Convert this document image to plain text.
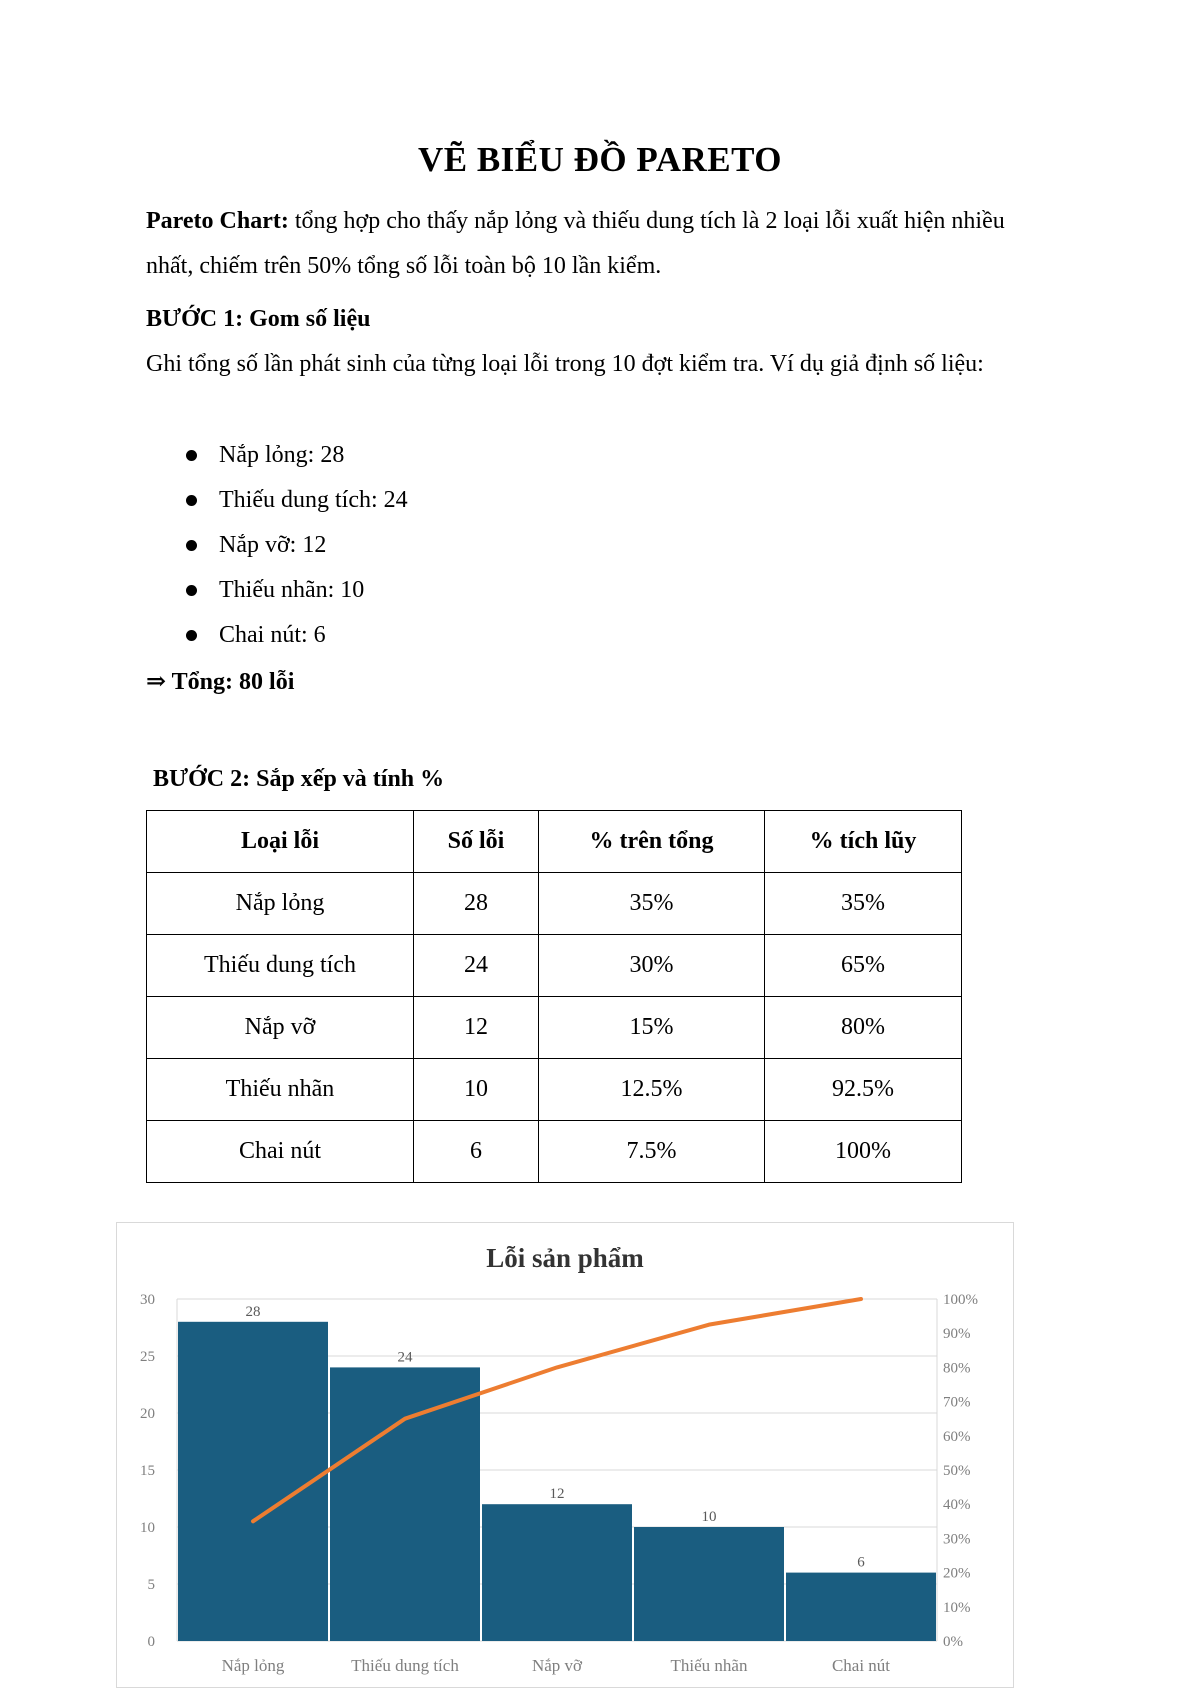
VẼ BIỂU ĐỒ PARETO

Pareto Chart: tổng hợp cho thấy nắp lỏng và thiếu dung tích là 2 loại lỗi xuất hiện nhiều nhất, chiếm trên 50% tổng số lỗi toàn bộ 10 lần kiểm.

BƯỚC 1: Gom số liệu

Ghi tổng số lần phát sinh của từng loại lỗi trong 10 đợt kiểm tra. Ví dụ giả định số liệu:

Nắp lỏng: 28
Thiếu dung tích: 24
Nắp vỡ: 12
Thiếu nhãn: 10
Chai nút: 6

⇒ Tổng: 80 lỗi

BƯỚC 2: Sắp xếp và tính %

Loại lỗi	Số lỗi	% trên tổng	% tích lũy
Nắp lỏng	28	35%	35%
Thiếu dung tích	24	30%	65%
Nắp vỡ	12	15%	80%
Thiếu nhãn	10	12.5%	92.5%
Chai nút	6	7.5%	100%
Lỗi sản phẩm
0
5
10
15
20
25
30
0%
10%
20%
30%
40%
50%
60%
70%
80%
90%
100%
28
Nắp lỏng
24
Thiếu dung tích
12
Nắp vỡ
10
Thiếu nhãn
6
Chai nút
